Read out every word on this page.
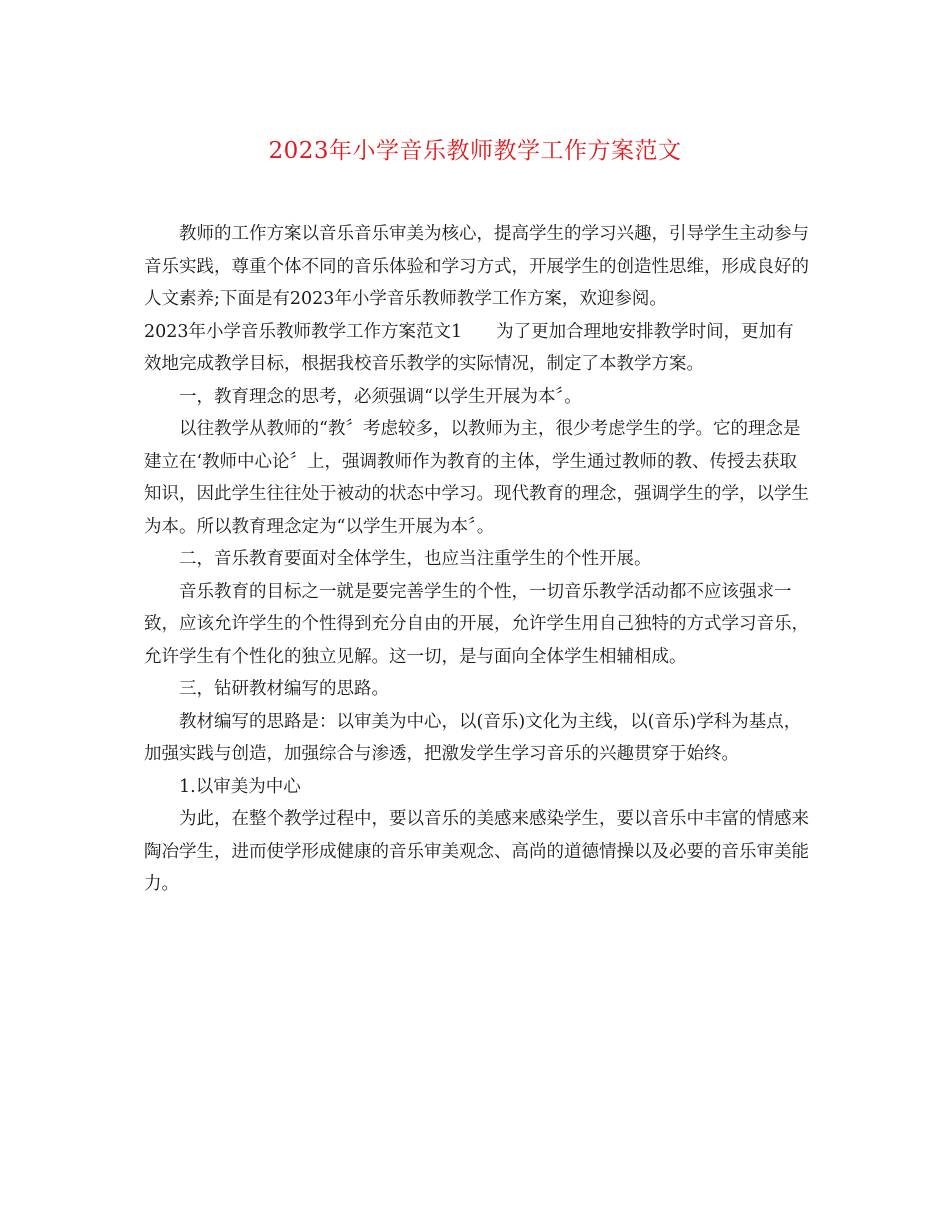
2023年小学音乐教师教学工作方案范文

教师的工作方案以音乐音乐审美为核心，提高学生的学习兴趣，引导学生主动参与音乐实践，尊重个体不同的音乐体验和学习方式，开展学生的创造性思维，形成良好的人文素养;下面是有2023年小学音乐教师教学工作方案，欢迎参阅。

2023年小学音乐教师教学工作方案范文1 为了更加合理地安排教学时间，更加有效地完成教学目标，根据我校音乐教学的实际情况，制定了本教学方案。

一，教育理念的思考，必须强调“以学生开展为本〞。

以往教学从教师的“教〞考虑较多，以教师为主，很少考虑学生的学。它的理念是建立在‘教师中心论〞上，强调教师作为教育的主体，学生通过教师的教、传授去获取知识，因此学生往往处于被动的状态中学习。现代教育的理念，强调学生的学，以学生为本。所以教育理念定为“以学生开展为本〞。

二，音乐教育要面对全体学生，也应当注重学生的个性开展。

音乐教育的目标之一就是要完善学生的个性，一切音乐教学活动都不应该强求一致，应该允许学生的个性得到充分自由的开展，允许学生用自己独特的方式学习音乐，允许学生有个性化的独立见解。这一切，是与面向全体学生相辅相成。

三，钻研教材编写的思路。

教材编写的思路是：以审美为中心，以(音乐)文化为主线，以(音乐)学科为基点，加强实践与创造，加强综合与渗透，把激发学生学习音乐的兴趣贯穿于始终。

1.以审美为中心

为此，在整个教学过程中，要以音乐的美感来感染学生，要以音乐中丰富的情感来陶冶学生，进而使学形成健康的音乐审美观念、高尚的道德情操以及必要的音乐审美能力。
